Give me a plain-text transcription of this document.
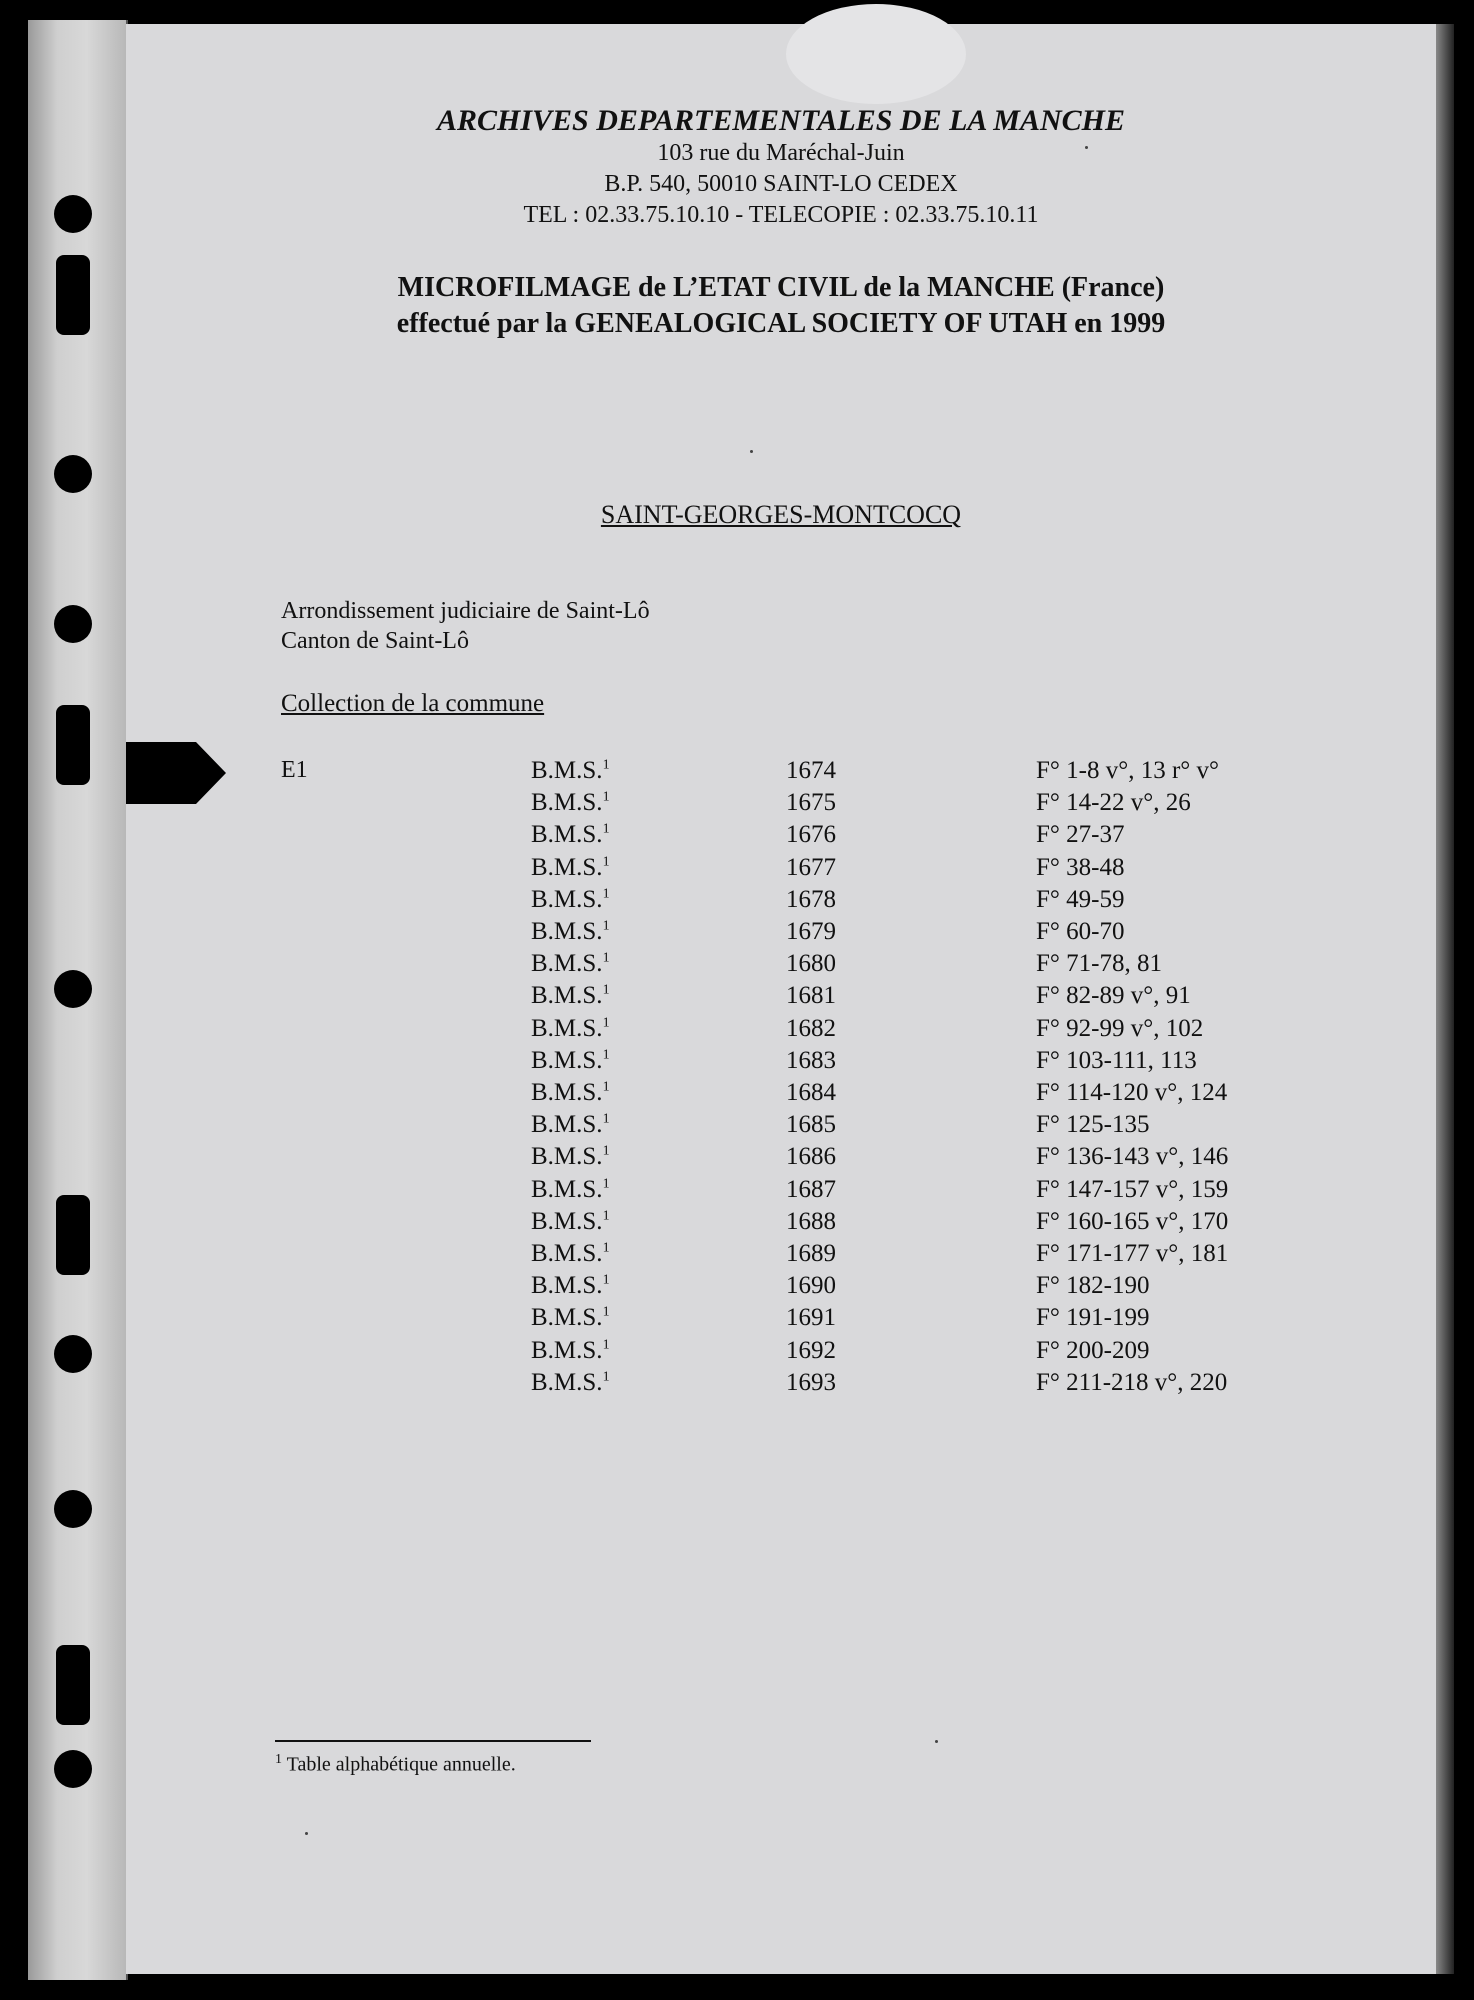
ARCHIVES DEPARTEMENTALES DE LA MANCHE
103 rue du Maréchal-Juin
B.P. 540, 50010 SAINT-LO CEDEX
TEL : 02.33.75.10.10 - TELECOPIE : 02.33.75.10.11
MICROFILMAGE de L’ETAT CIVIL de la MANCHE (France)
effectué par la GENEALOGICAL SOCIETY OF UTAH en 1999
SAINT-GEORGES-MONTCOCQ
Arrondissement judiciaire de Saint-Lô
Canton de Saint-Lô
Collection de la commune
E1	B.M.S.$^1$	1674	F° 1-8 v°, 13 r° v°
B.M.S.$^1$	1675	F° 14-22 v°, 26
B.M.S.$^1$	1676	F° 27-37
B.M.S.$^1$	1677	F° 38-48
B.M.S.$^1$	1678	F° 49-59
B.M.S.$^1$	1679	F° 60-70
B.M.S.$^1$	1680	F° 71-78, 81
B.M.S.$^1$	1681	F° 82-89 v°, 91
B.M.S.$^1$	1682	F° 92-99 v°, 102
B.M.S.$^1$	1683	F° 103-111, 113
B.M.S.$^1$	1684	F° 114-120 v°, 124
B.M.S.$^1$	1685	F° 125-135
B.M.S.$^1$	1686	F° 136-143 v°, 146
B.M.S.$^1$	1687	F° 147-157 v°, 159
B.M.S.$^1$	1688	F° 160-165 v°, 170
B.M.S.$^1$	1689	F° 171-177 v°, 181
B.M.S.$^1$	1690	F° 182-190
B.M.S.$^1$	1691	F° 191-199
B.M.S.$^1$	1692	F° 200-209
B.M.S.$^1$	1693	F° 211-218 v°, 220
$^1$ Table alphabétique annuelle.
